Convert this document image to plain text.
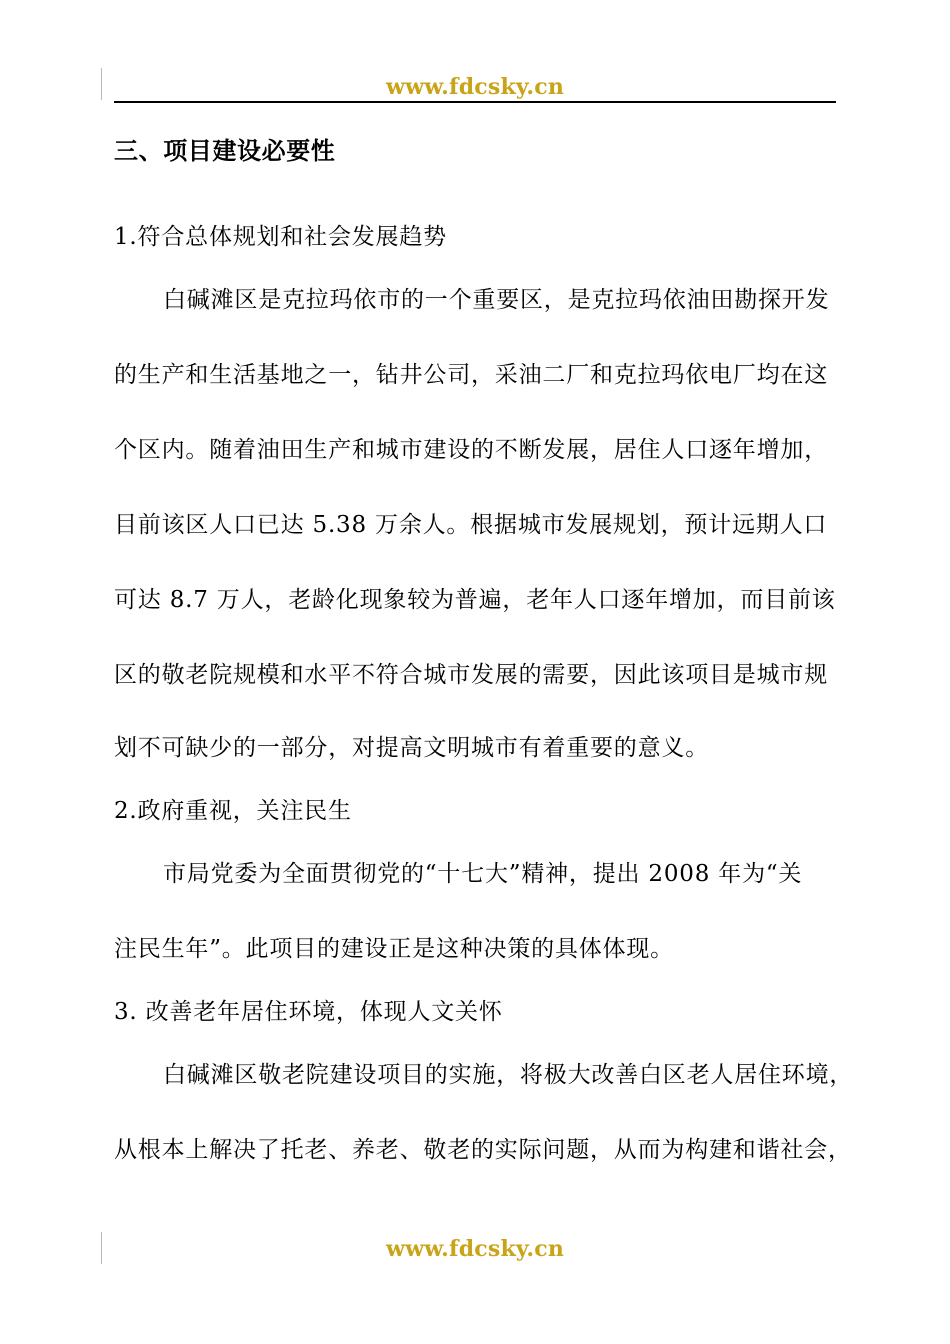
www.fdcsky.cn
三、项目建设必要性
1.符合总体规划和社会发展趋势
白碱滩区是克拉玛依市的一个重要区，是克拉玛依油田勘探开发
的生产和生活基地之一，钻井公司，采油二厂和克拉玛依电厂均在这
个区内。随着油田生产和城市建设的不断发展，居住人口逐年增加，
目前该区人口已达 5.38 万余人。根据城市发展规划，预计远期人口
可达 8.7 万人，老龄化现象较为普遍，老年人口逐年增加，而目前该
区的敬老院规模和水平不符合城市发展的需要，因此该项目是城市规
划不可缺少的一部分，对提高文明城市有着重要的意义。
2.政府重视，关注民生
市局党委为全面贯彻党的“十七大”精神，提出 2008 年为“关
注民生年”。此项目的建设正是这种决策的具体体现。
3. 改善老年居住环境，体现人文关怀
白碱滩区敬老院建设项目的实施，将极大改善白区老人居住环境，
从根本上解决了托老、养老、敬老的实际问题，从而为构建和谐社会，
www.fdcsky.cn
